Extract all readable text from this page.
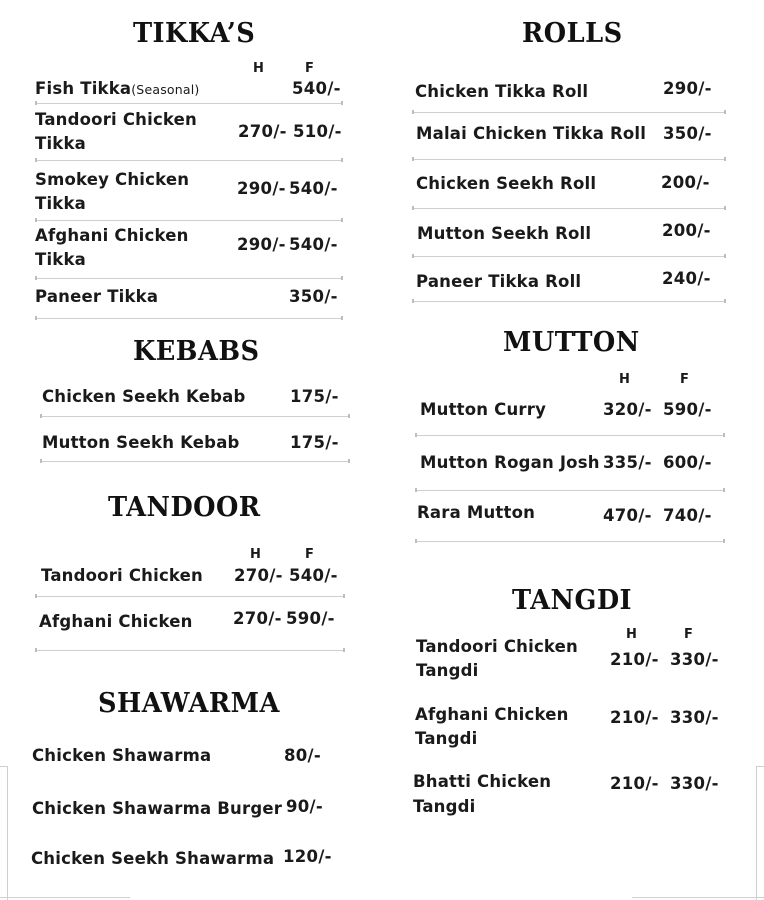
TIKKA’S
H	F
Fish Tikka(Seasonal)	540/-
Tandoori Chicken
Tikka
270/- 510/-
Smokey Chicken
Tikka
290/- 540/-
Afghani Chicken
Tikka
290/- 540/-
Paneer Tikka	350/-
KEBABS
Chicken Seekh Kebab	175/-
Mutton Seekh Kebab	175/-
TANDOOR
H	F
Tandoori Chicken 270/- 540/-
Afghani Chicken 270/- 590/-
SHAWARMA
Chicken Shawarma	80/-
Chicken Shawarma Burger 90/-
Chicken Seekh Shawarma 120/-
ROLLS
Chicken Tikka Roll	290/-
Malai Chicken Tikka Roll 350/-
Chicken Seekh Roll	200/-
Mutton Seekh Roll	200/-
Paneer Tikka Roll	240/-
MUTTON
H	F
Mutton Curry	320/- 590/-
Mutton Rogan Josh 335/- 600/-
Rara Mutton	470/- 740/-
TANGDI
H	F
Tandoori Chicken
Tangdi
210/- 330/-
Afghani Chicken
Tangdi
210/- 330/-
Bhatti Chicken
Tangdi
210/- 330/-
